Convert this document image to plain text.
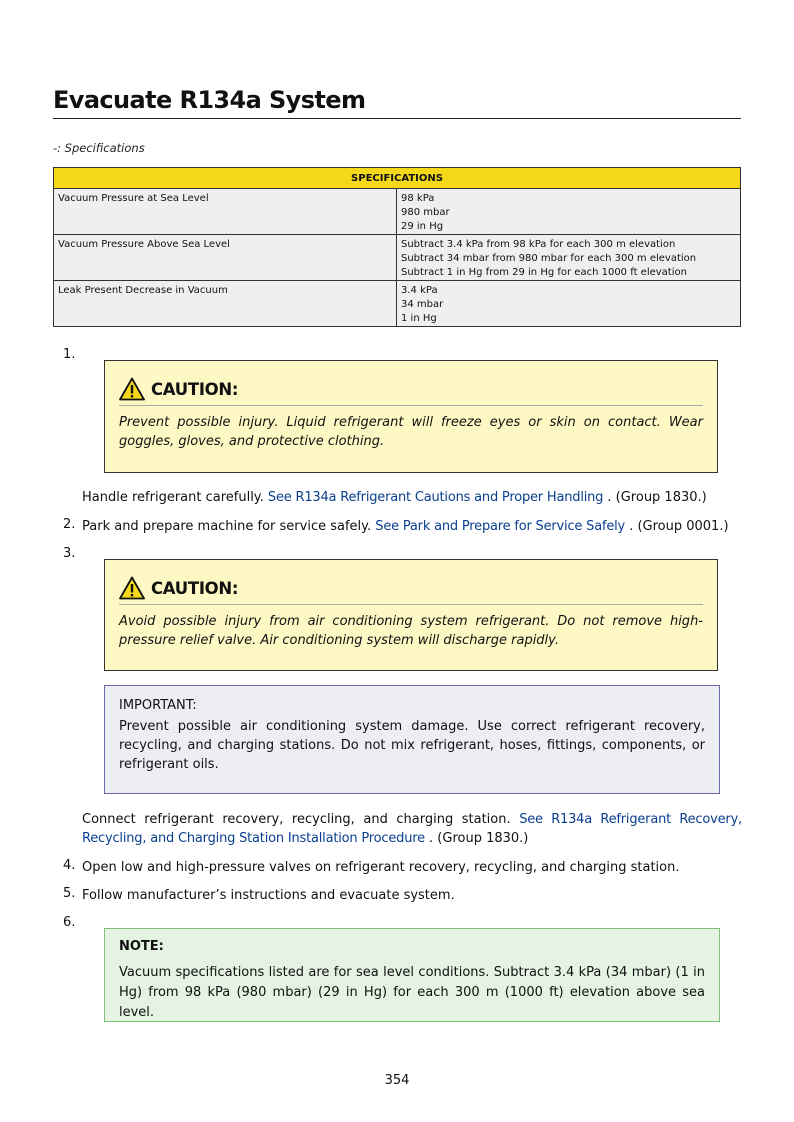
Evacuate R134a System
-: Specifications
SPECIFICATIONS	
Vacuum Pressure at Sea Level	98 kPa
980 mbar
29 in Hg

Vacuum Pressure Above Sea Level	Subtract 3.4 kPa from 98 kPa for each 300 m elevation
Subtract 34 mbar from 980 mbar for each 300 m elevation
Subtract 1 in Hg from 29 in Hg for each 1000 ft elevation

Leak Present Decrease in Vacuum	3.4 kPa
34 mbar
1 in Hg
1.
CAUTION:
Prevent possible injury. Liquid refrigerant will freeze eyes or skin on contact. Wear goggles, gloves, and protective clothing.
Handle refrigerant carefully. See R134a Refrigerant Cautions and Proper Handling . (Group 1830.)
2. Park and prepare machine for service safely. See Park and Prepare for Service Safely . (Group 0001.)
3.
CAUTION:
Avoid possible injury from air conditioning system refrigerant. Do not remove high-pressure relief valve. Air conditioning system will discharge rapidly.
IMPORTANT:
Prevent possible air conditioning system damage. Use correct refrigerant recovery, recycling, and charging stations. Do not mix refrigerant, hoses, fittings, components, or refrigerant oils.
Connect refrigerant recovery, recycling, and charging station. See R134a Refrigerant Recovery, Recycling, and Charging Station Installation Procedure . (Group 1830.)
4. Open low and high-pressure valves on refrigerant recovery, recycling, and charging station.
5. Follow manufacturer’s instructions and evacuate system.
6.
NOTE:
Vacuum specifications listed are for sea level conditions. Subtract 3.4 kPa (34 mbar) (1 in Hg) from 98 kPa (980 mbar) (29 in Hg) for each 300 m (1000 ft) elevation above sea level.
354
